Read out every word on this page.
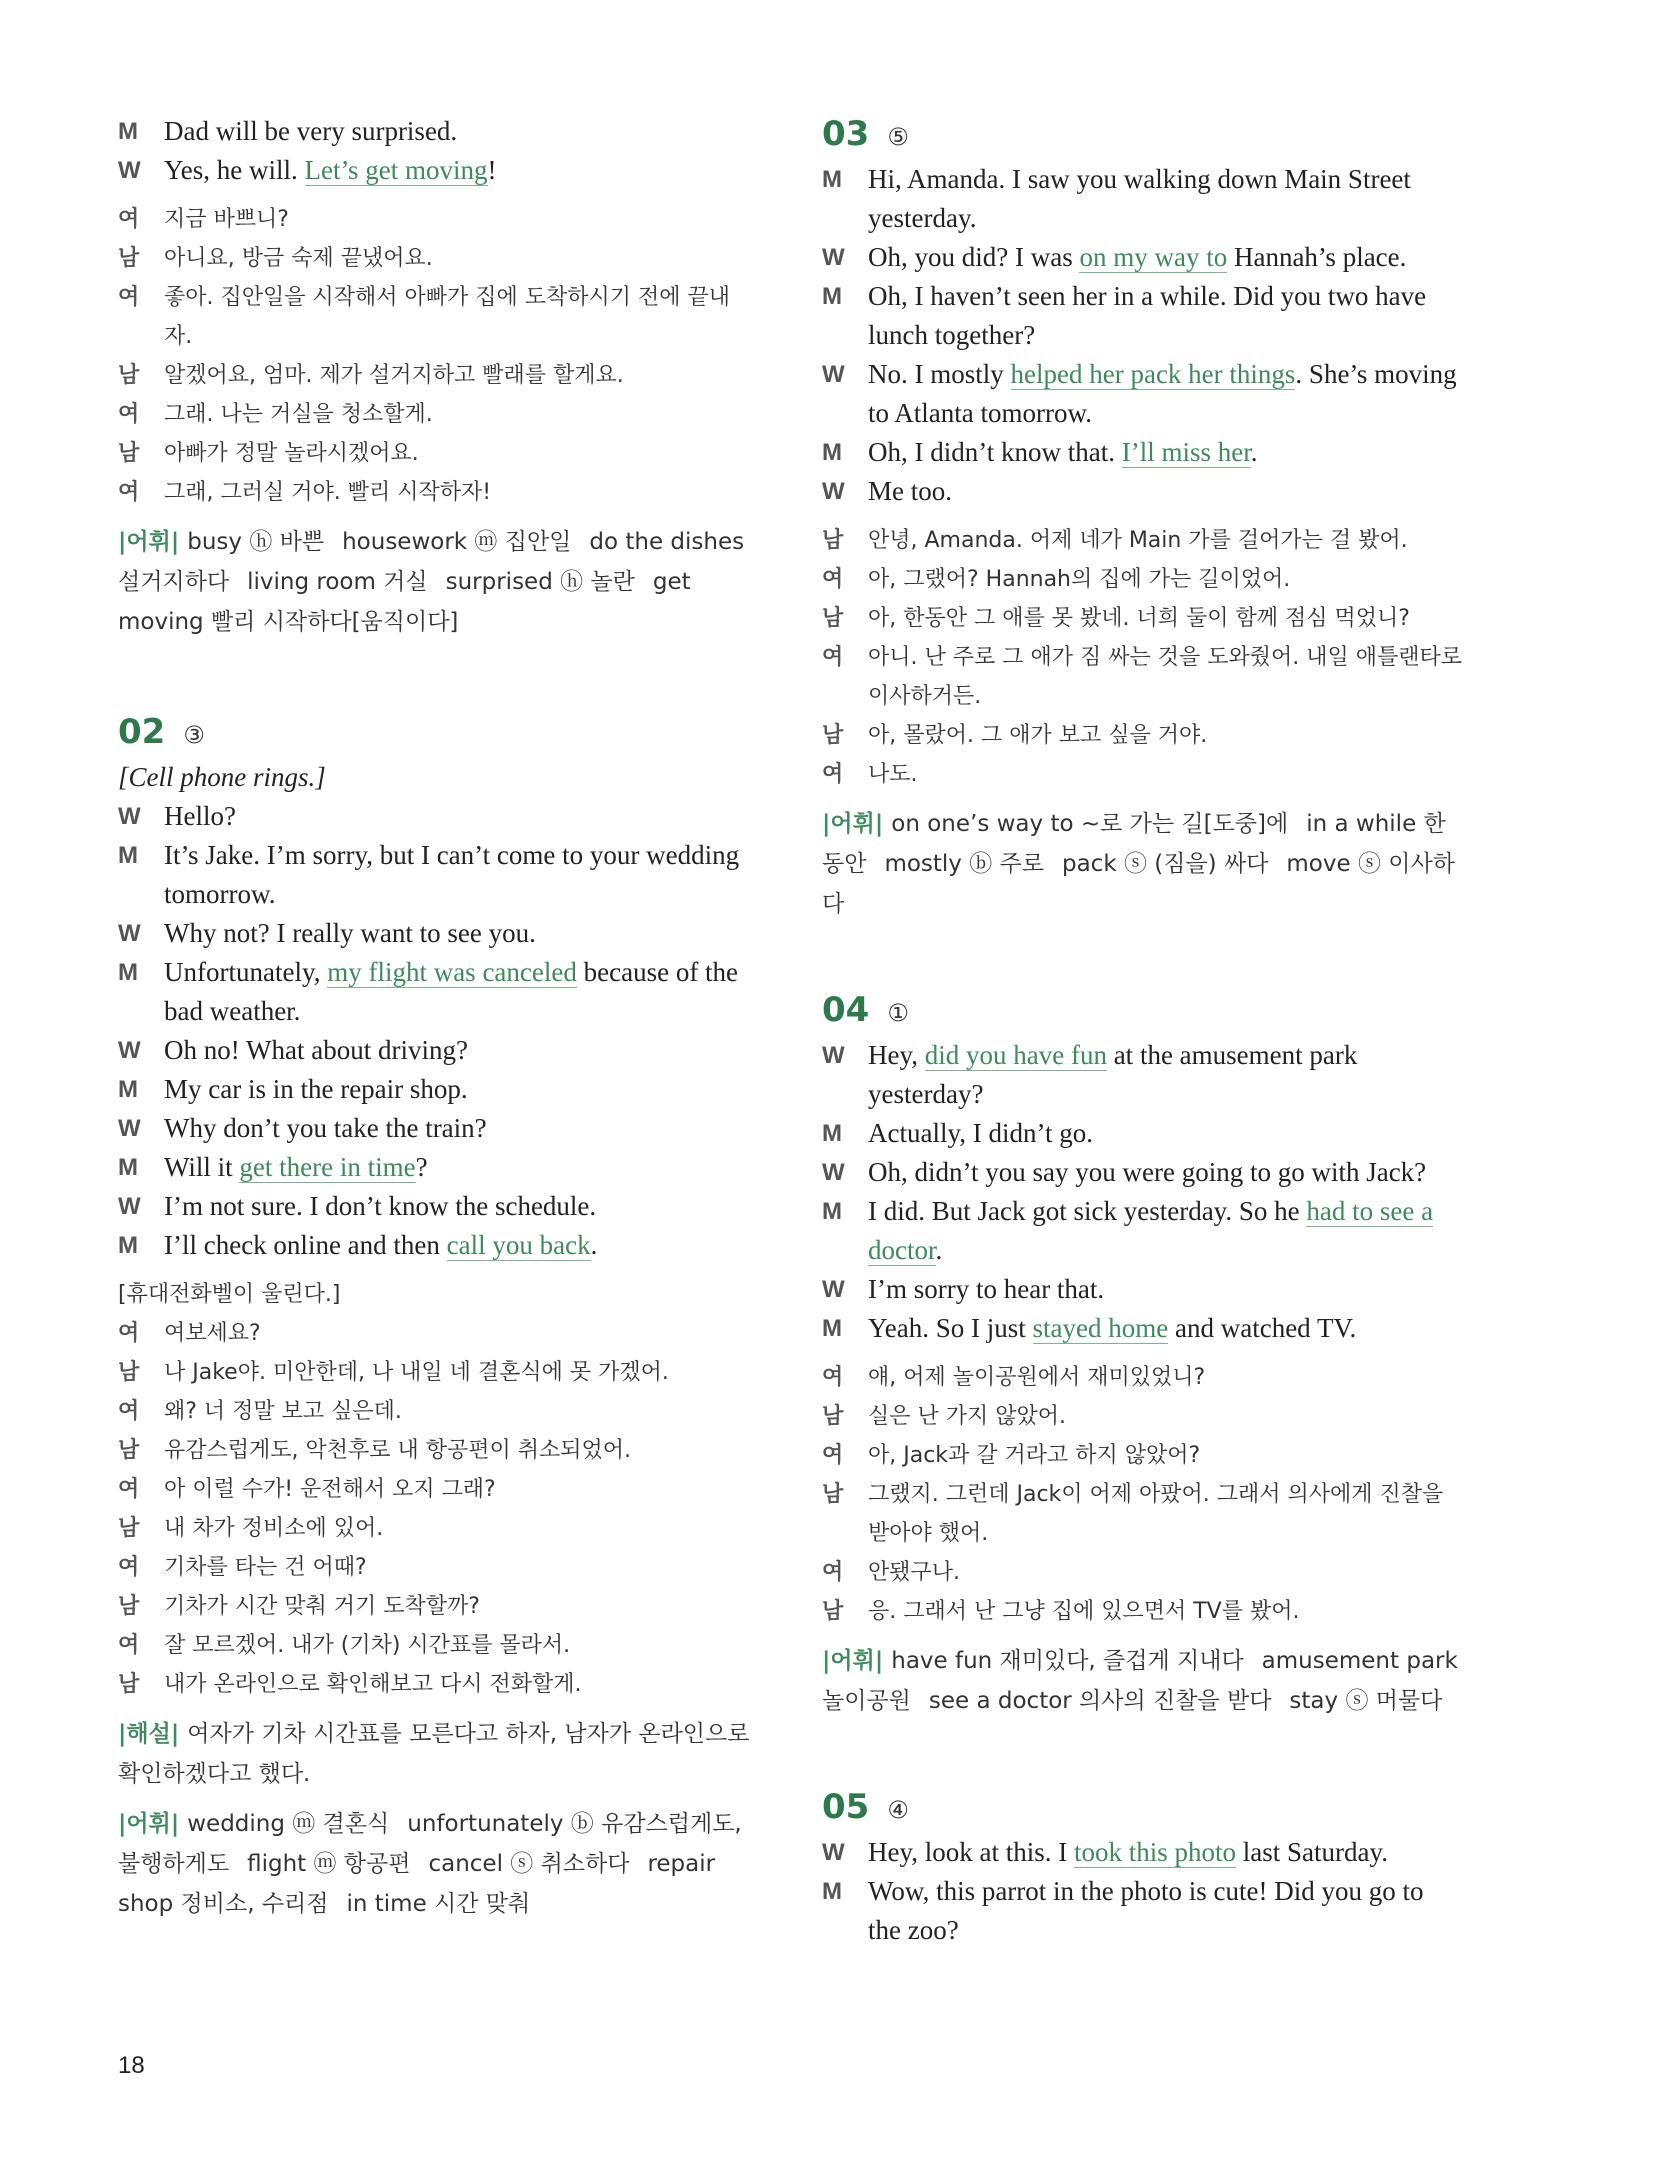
M Dad will be very surprised.
W Yes, he will. Let’s get moving!
여	지금 바쁘니?
남	아니요, 방금 숙제 끝냈어요.
여	좋아. 집안일을 시작해서 아빠가 집에 도착하시기 전에 끝내자.
남	알겠어요, 엄마. 제가 설거지하고 빨래를 할게요.
여	그래. 나는 거실을 청소할게.
남	아빠가 정말 놀라시겠어요.
여	그래, 그러실 거야. 빨리 시작하자!
|어휘| busy ⓗ 바쁜 housework ⓜ 집안일 do the dishes 설거지하다 living room 거실 surprised ⓗ 놀란 get moving 빨리 시작하다[움직이다]
02 ③
[Cell phone rings.]
W Hello?
M It’s Jake. I’m sorry, but I can’t come to your wedding tomorrow.
W Why not? I really want to see you.
M Unfortunately, my flight was canceled because of the bad weather.
W Oh no! What about driving?
M My car is in the repair shop.
W Why don’t you take the train?
M Will it get there in time?
W I’m not sure. I don’t know the schedule.
M I’ll check online and then call you back.
[휴대전화벨이 울린다.]
여	여보세요?
남	나 Jake야. 미안한데, 나 내일 네 결혼식에 못 가겠어.
여	왜? 너 정말 보고 싶은데.
남	유감스럽게도, 악천후로 내 항공편이 취소되었어.
여	아 이럴 수가! 운전해서 오지 그래?
남	내 차가 정비소에 있어.
여	기차를 타는 건 어때?
남	기차가 시간 맞춰 거기 도착할까?
여	잘 모르겠어. 내가 (기차) 시간표를 몰라서.
남	내가 온라인으로 확인해보고 다시 전화할게.
|해설| 여자가 기차 시간표를 모른다고 하자, 남자가 온라인으로 확인하겠다고 했다.
|어휘| wedding ⓜ 결혼식 unfortunately ⓑ 유감스럽게도, 불행하게도 flight ⓜ 항공편 cancel ⓢ 취소하다 repair shop 정비소, 수리점 in time 시간 맞춰
03 ⑤
M Hi, Amanda. I saw you walking down Main Street yesterday.
W Oh, you did? I was on my way to Hannah’s place.
M Oh, I haven’t seen her in a while. Did you two have lunch together?
W No. I mostly helped her pack her things. She’s moving to Atlanta tomorrow.
M Oh, I didn’t know that. I’ll miss her.
W Me too.
남	안녕, Amanda. 어제 네가 Main 가를 걸어가는 걸 봤어.
여	아, 그랬어? Hannah의 집에 가는 길이었어.
남	아, 한동안 그 애를 못 봤네. 너희 둘이 함께 점심 먹었니?
여	아니. 난 주로 그 애가 짐 싸는 것을 도와줬어. 내일 애틀랜타로 이사하거든.
남	아, 몰랐어. 그 애가 보고 싶을 거야.
여	나도.
|어휘| on one’s way to ~로 가는 길[도중]에 in a while 한동안 mostly ⓑ 주로 pack ⓢ (짐을) 싸다 move ⓢ 이사하다
04 ①
W Hey, did you have fun at the amusement park yesterday?
M Actually, I didn’t go.
W Oh, didn’t you say you were going to go with Jack?
M I did. But Jack got sick yesterday. So he had to see a doctor.
W I’m sorry to hear that.
M Yeah. So I just stayed home and watched TV.
여	얘, 어제 놀이공원에서 재미있었니?
남	실은 난 가지 않았어.
여	아, Jack과 갈 거라고 하지 않았어?
남	그랬지. 그런데 Jack이 어제 아팠어. 그래서 의사에게 진찰을 받아야 했어.
여	안됐구나.
남	응. 그래서 난 그냥 집에 있으면서 TV를 봤어.
|어휘| have fun 재미있다, 즐겁게 지내다 amusement park 놀이공원 see a doctor 의사의 진찰을 받다 stay ⓢ 머물다
05 ④
W Hey, look at this. I took this photo last Saturday.
M Wow, this parrot in the photo is cute! Did you go to the zoo?
18
